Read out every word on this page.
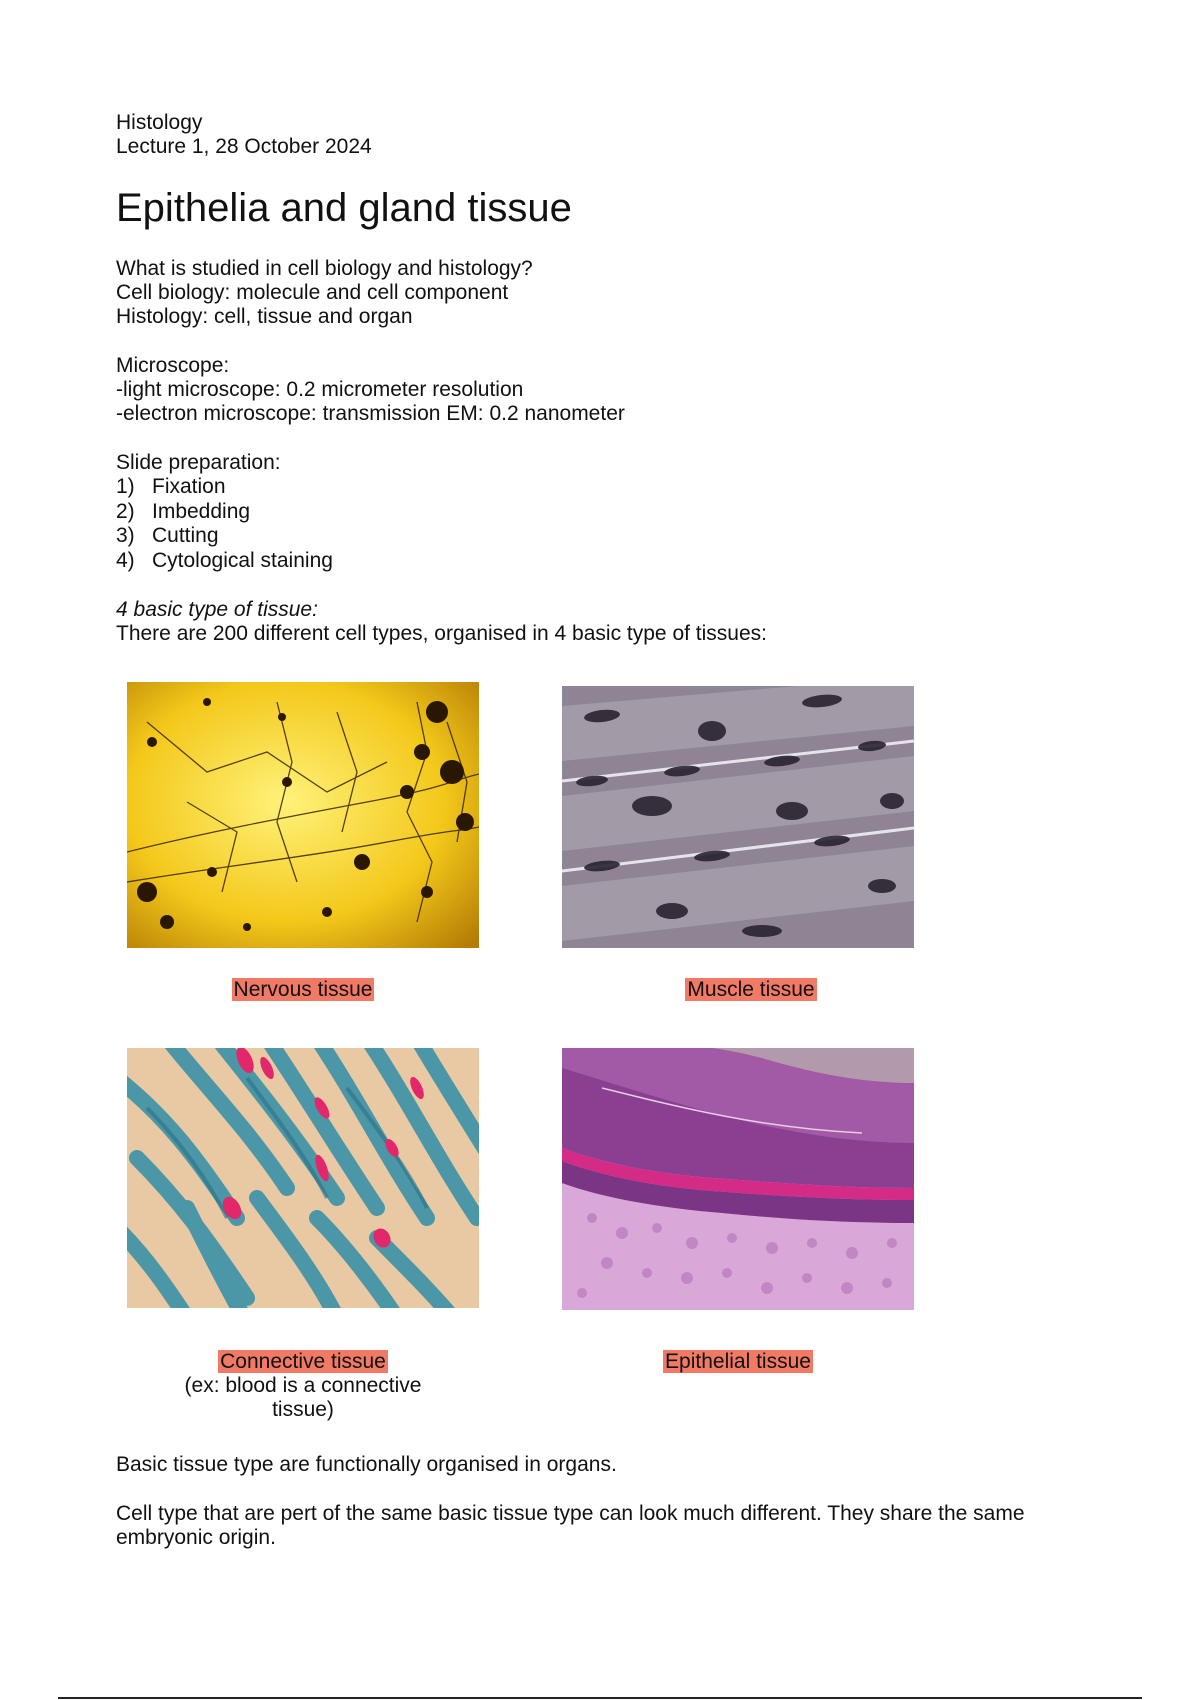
Histology
Lecture 1, 28 October 2024
Epithelia and gland tissue
What is studied in cell biology and histology?
Cell biology: molecule and cell component
Histology: cell, tissue and organ
Microscope:
-light microscope: 0.2 micrometer resolution
-electron microscope: transmission EM: 0.2 nanometer
Slide preparation:
1) Fixation
2) Imbedding
3) Cutting
4) Cytological staining
4 basic type of tissue:
There are 200 different cell types, organised in 4 basic type of tissues:
Nervous tissue	Muscle tissue
Connective tissue
(ex: blood is a connective
tissue)
Epithelial tissue
Basic tissue type are functionally organised in organs.
Cell type that are pert of the same basic tissue type can look much different. They share the same
embryonic origin.
